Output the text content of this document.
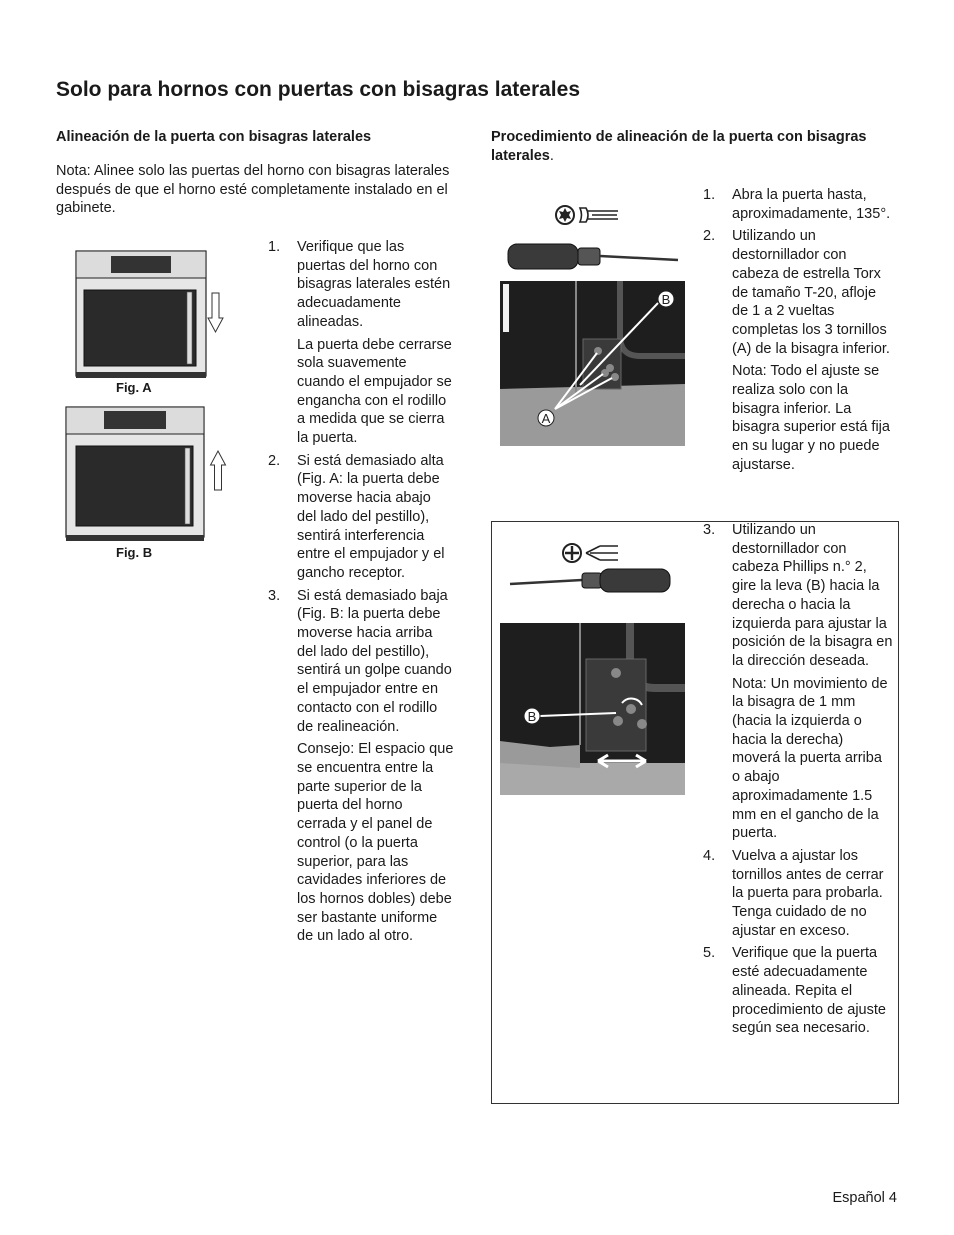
Solo para hornos con puertas con bisagras laterales
Alineación de la puerta con bisagras laterales
Nota: Alinee solo las puertas del horno con bisagras laterales después de que el horno esté completamente instalado en el gabinete.
Fig. A
Fig. B
1. Verifique que las puertas del horno con bisagras laterales estén adecuadamente alineadas.
La puerta debe cerrarse sola suavemente cuando el empujador se engancha con el rodillo a medida que se cierra la puerta.
2. Si está demasiado alta (Fig. A: la puerta debe moverse hacia abajo del lado del pestillo), sentirá interferencia entre el empujador y el gancho receptor.
3. Si está demasiado baja (Fig. B: la puerta debe moverse hacia arriba del lado del pestillo), sentirá un golpe cuando el empujador entre en contacto con el rodillo de realineación.
Consejo: El espacio que se encuentra entre la parte superior de la puerta del horno cerrada y el panel de control (o la puerta superior, para las cavidades inferiores de los hornos dobles) debe ser bastante uniforme de un lado al otro.
Procedimiento de alineación de la puerta con bisagras laterales.
A
B
1. Abra la puerta hasta, aproximadamente, 135°.
2. Utilizando un destornillador con cabeza de estrella Torx de tamaño T-20, afloje de 1 a 2 vueltas completas los 3 tornillos (A) de la bisagra inferior.
Nota: Todo el ajuste se realiza solo con la bisagra inferior. La bisagra superior está fija en su lugar y no puede ajustarse.
B
3. Utilizando un destornillador con cabeza Phillips n.° 2, gire la leva (B) hacia la derecha o hacia la izquierda para ajustar la posición de la bisagra en la dirección deseada.
Nota: Un movimiento de la bisagra de 1 mm (hacia la izquierda o hacia la derecha) moverá la puerta arriba o abajo aproximadamente 1.5 mm en el gancho de la puerta.
4. Vuelva a ajustar los tornillos antes de cerrar la puerta para probarla. Tenga cuidado de no ajustar en exceso.
5. Verifique que la puerta esté adecuadamente alineada. Repita el procedimiento de ajuste según sea necesario.
Español 4
